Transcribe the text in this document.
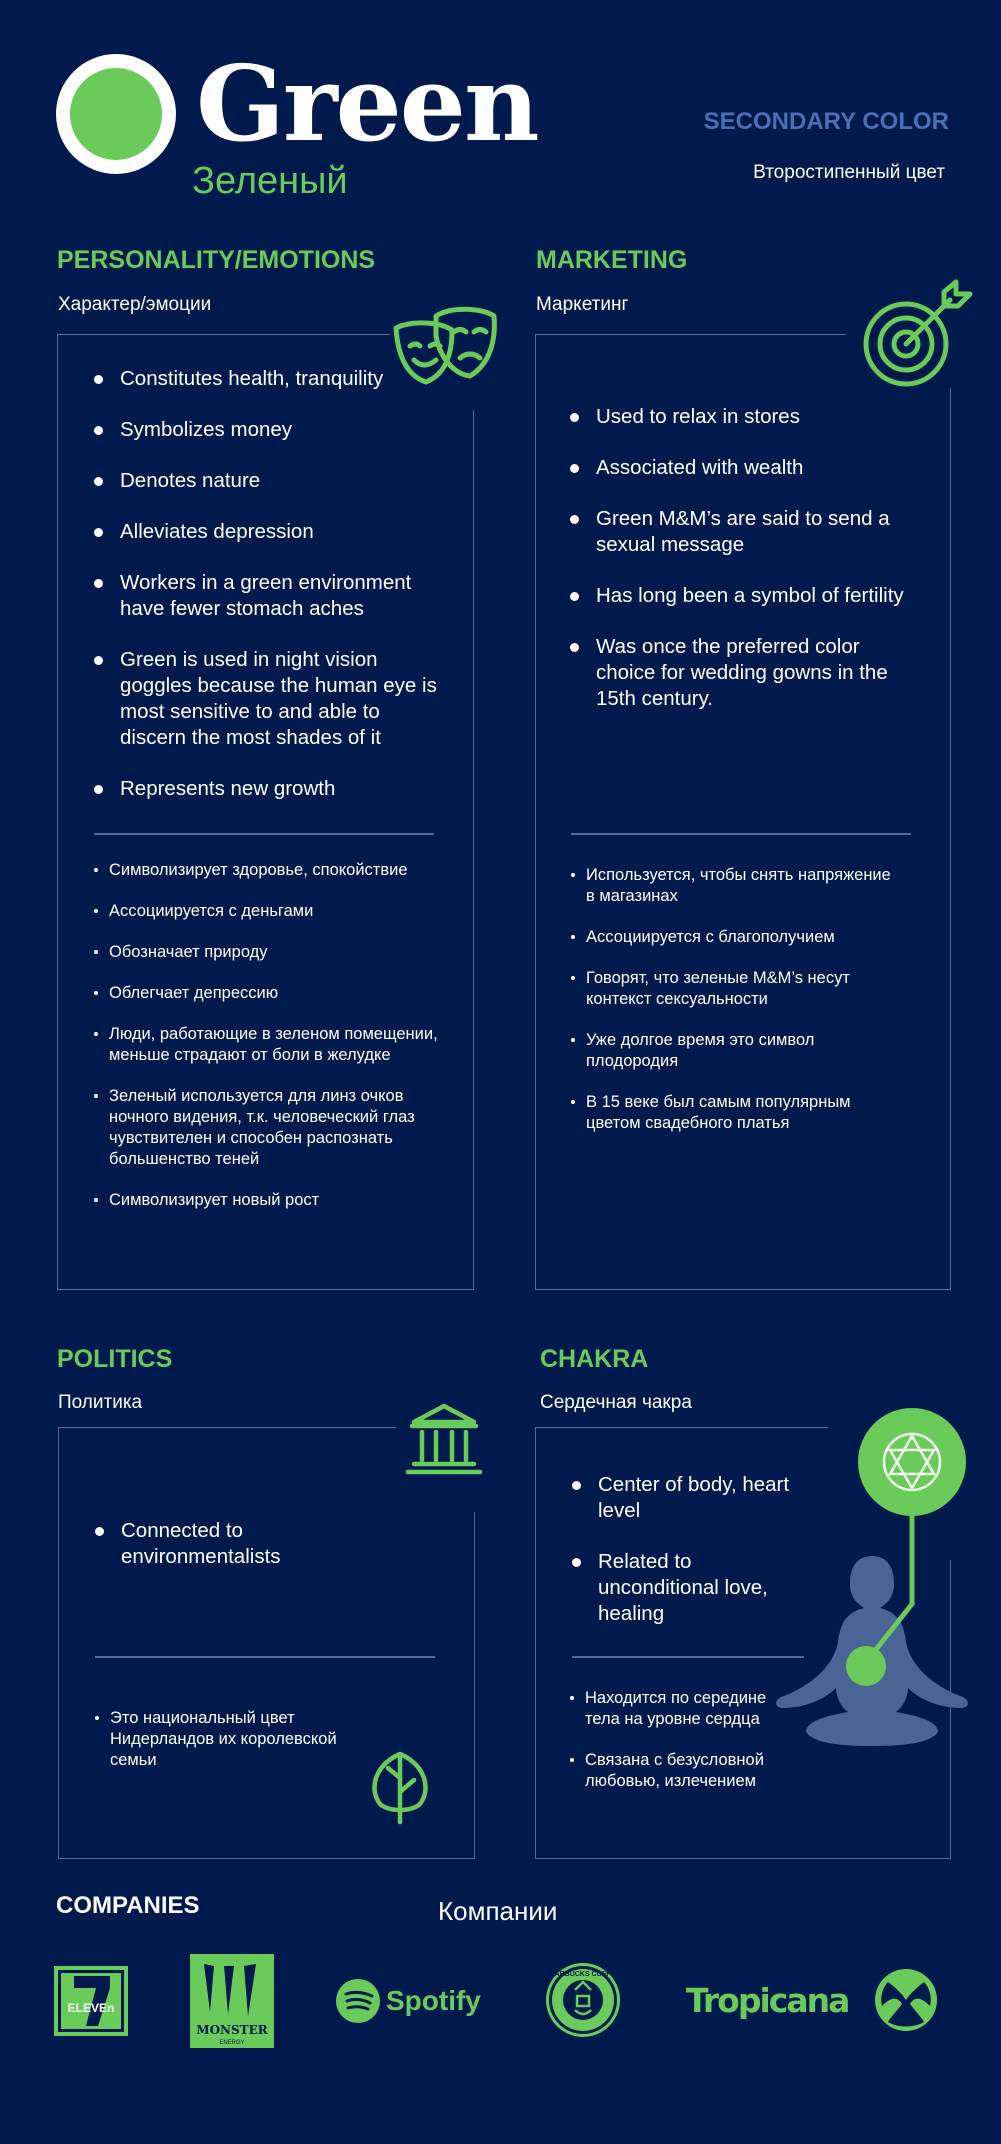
Green
Зеленый
SECONDARY COLOR
Второстипенный цвет
PERSONALITY/EMOTIONS
Характер/эмоции
Constitutes health, tranquility
Symbolizes money
Denotes nature
Alleviates depression
Workers in a green environment have fewer stomach aches
Green is used in night vision goggles because the human eye is most sensitive to and able to discern the most shades of it
Represents new growth
Символизирует здоровье, спокойствие
Ассоциируется с деньгами
Обозначает природу
Облегчает депрессию
Люди, работающие в зеленом помещении, меньше страдают от боли в желудке
Зеленый используется для линз очков ночного видения, т.к. человеческий глаз чувствителен и способен распознать большенство теней
Символизирует новый рост
MARKETING
Маркетинг
Used to relax in stores
Associated with wealth
Green M&M’s are said to send a sexual message
Has long been a symbol of fertility
Was once the preferred color choice for wedding gowns in the 15th century.
Используется, чтобы снять напряжение в магазинах
Ассоциируется с благополучием
Говорят, что зеленые M&M’s несут контекст сексуальности
Уже долгое время это символ плодородия
В 15 веке был самым популярным цветом свадебного платья
POLITICS
Политика
Connected to environmentalists
Это национальный цвет Нидерландов их королевской семьи
CHAKRA
Сердечная чакра
Center of body, heart level
Related to unconditional love, healing
Находится по середине тела на уровне сердца
Связана с безусловной любовью, излечением
COMPANIES	Компании
ELEVEn
MONSTER
ENERGY
Spotify
STARBUCKS COFFEE
Tropicana
